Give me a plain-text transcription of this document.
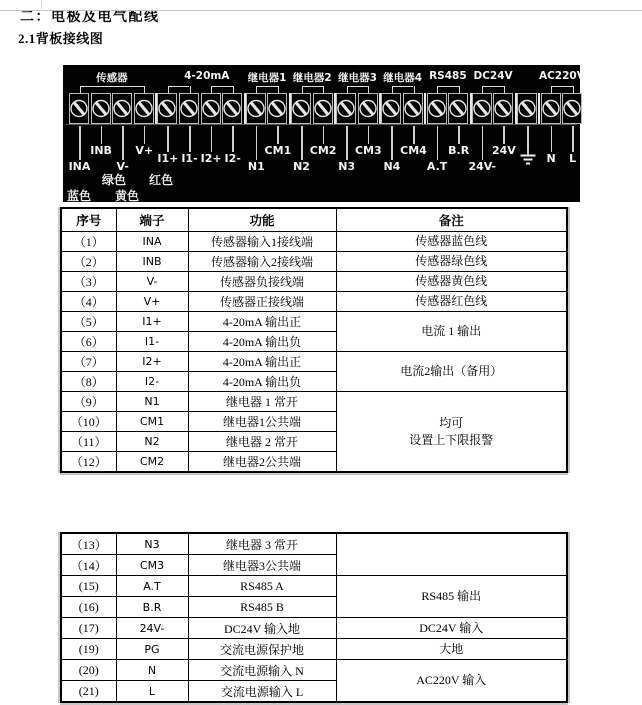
二：电极及电气配线
2.1背板接线图
传感器	4-20mA 继电器1 继电器2 继电器3 继电器4 RS485 DC24V	AC220V
INA
INB
V-
V+
I1+ I1- I2+ I2-
N1
CM1
N2
CM2
N3
CM3
N4
CM4
A.T
B.R
24V-
24V
N L
绿色 红色
蓝色 黄色
序号	端子	功能	备注
（1）	INA	传感器输入1接线端	传感器蓝色线

（2）	INB	传感器输入2接线端	传感器绿色线

（3）	V-	传感器负接线端	传感器黄色线

（4）	V+	传感器正接线端	传感器红色线

（5）	I1+	4-20mA 输出正	电流 1 输出

（6）	I1-	4-20mA 输出负	
（7）	I2+	4-20mA 输出正	电流2输出（备用）

（8）	I2-	4-20mA 输出负	
（9）	N1	继电器 1 常开	均可
设置上下限报警

（10）	CM1	继电器1公共端	
（11）	N2	继电器 2 常开	
（12）	CM2	继电器2公共端	
（13）	N3	继电器 3 常开	

（14）	CM3	继电器3公共端	
(15)	A.T	RS485 A	RS485 输出

(16)	B.R	RS485 B	
(17)	24V-	DC24V 输入地	DC24V 输入

(19)	PG	交流电源保护地	大地

(20)	N	交流电源输入 N	AC220V 输入

(21)	L	交流电源输入 L	
